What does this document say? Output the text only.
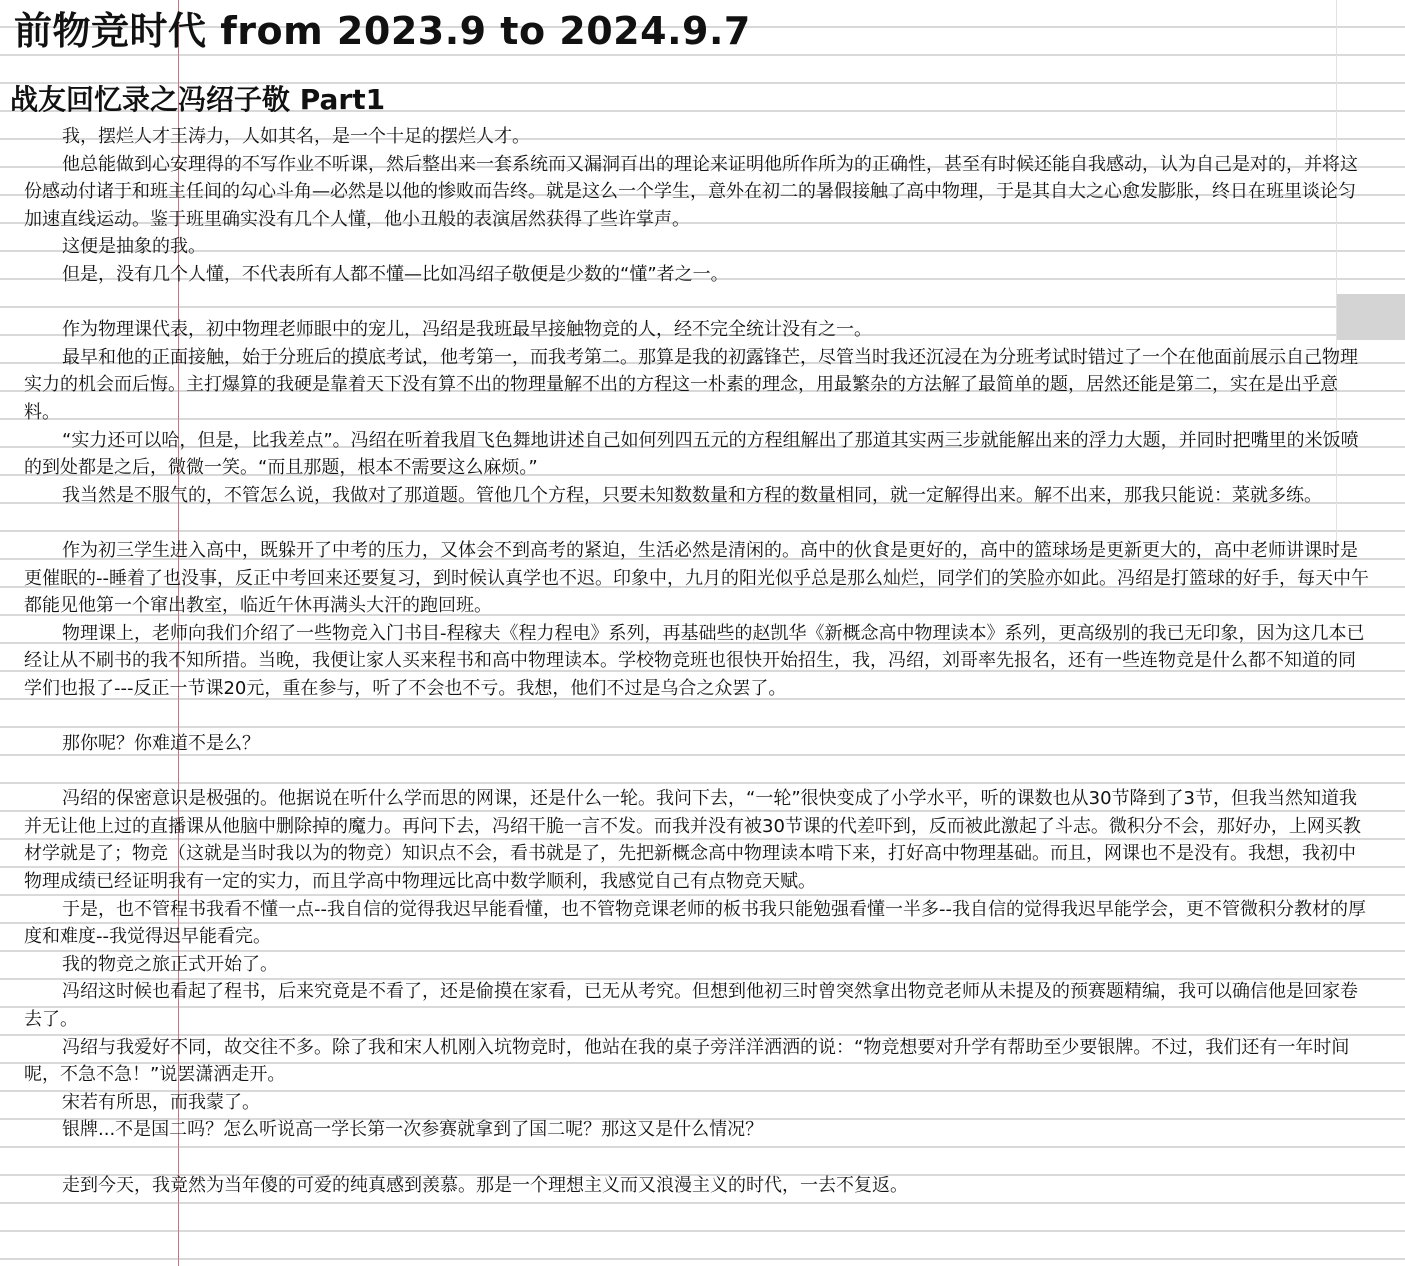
前物竞时代 from 2023.9 to 2024.9.7
战友回忆录之冯绍子敬 Part1

我，摆烂人才王涛力，人如其名，是一个十足的摆烂人才。

他总能做到心安理得的不写作业不听课，然后整出来一套系统而又漏洞百出的理论来证明他所作所为的正确性，甚至有时候还能自我感动，认为自己是对的，并将这份感动付诸于和班主任间的勾心斗角—必然是以他的惨败而告终。就是这么一个学生，意外在初二的暑假接触了高中物理，于是其自大之心愈发膨胀，终日在班里谈论匀加速直线运动。鉴于班里确实没有几个人懂，他小丑般的表演居然获得了些许掌声。

这便是抽象的我。

但是，没有几个人懂，不代表所有人都不懂—比如冯绍子敬便是少数的“懂”者之一。

作为物理课代表，初中物理老师眼中的宠儿，冯绍是我班最早接触物竞的人，经不完全统计没有之一。

最早和他的正面接触，始于分班后的摸底考试，他考第一，而我考第二。那算是我的初露锋芒，尽管当时我还沉浸在为分班考试时错过了一个在他面前展示自己物理实力的机会而后悔。主打爆算的我硬是靠着天下没有算不出的物理量解不出的方程这一朴素的理念，用最繁杂的方法解了最简单的题，居然还能是第二，实在是出乎意料。

“实力还可以哈，但是，比我差点”。冯绍在听着我眉飞色舞地讲述自己如何列四五元的方程组解出了那道其实两三步就能解出来的浮力大题，并同时把嘴里的米饭喷的到处都是之后，微微一笑。“而且那题，根本不需要这么麻烦。”

我当然是不服气的，不管怎么说，我做对了那道题。管他几个方程，只要未知数数量和方程的数量相同，就一定解得出来。解不出来，那我只能说：菜就多练。

作为初三学生进入高中，既躲开了中考的压力，又体会不到高考的紧迫，生活必然是清闲的。高中的伙食是更好的，高中的篮球场是更新更大的，高中老师讲课时是更催眠的--睡着了也没事，反正中考回来还要复习，到时候认真学也不迟。印象中，九月的阳光似乎总是那么灿烂，同学们的笑脸亦如此。冯绍是打篮球的好手，每天中午都能见他第一个窜出教室，临近午休再满头大汗的跑回班。

物理课上，老师向我们介绍了一些物竞入门书目-程稼夫《程力程电》系列，再基础些的赵凯华《新概念高中物理读本》系列，更高级别的我已无印象，因为这几本已经让从不刷书的我不知所措。当晚，我便让家人买来程书和高中物理读本。学校物竞班也很快开始招生，我，冯绍，刘哥率先报名，还有一些连物竞是什么都不知道的同学们也报了---反正一节课20元，重在参与，听了不会也不亏。我想，他们不过是乌合之众罢了。

那你呢？你难道不是么？

冯绍的保密意识是极强的。他据说在听什么学而思的网课，还是什么一轮。我问下去，“一轮”很快变成了小学水平，听的课数也从30节降到了3节，但我当然知道我并无让他上过的直播课从他脑中删除掉的魔力。再问下去，冯绍干脆一言不发。而我并没有被30节课的代差吓到，反而被此激起了斗志。微积分不会，那好办，上网买教材学就是了；物竞（这就是当时我以为的物竞）知识点不会，看书就是了，先把新概念高中物理读本啃下来，打好高中物理基础。而且，网课也不是没有。我想，我初中物理成绩已经证明我有一定的实力，而且学高中物理远比高中数学顺利，我感觉自己有点物竞天赋。

于是，也不管程书我看不懂一点--我自信的觉得我迟早能看懂，也不管物竞课老师的板书我只能勉强看懂一半多--我自信的觉得我迟早能学会，更不管微积分教材的厚度和难度--我觉得迟早能看完。

我的物竞之旅正式开始了。

冯绍这时候也看起了程书，后来究竟是不看了，还是偷摸在家看，已无从考究。但想到他初三时曾突然拿出物竞老师从未提及的预赛题精编，我可以确信他是回家卷去了。

冯绍与我爱好不同，故交往不多。除了我和宋人机刚入坑物竞时，他站在我的桌子旁洋洋洒洒的说：“物竞想要对升学有帮助至少要银牌。不过，我们还有一年时间呢，不急不急！”说罢潇洒走开。

宋若有所思，而我蒙了。

银牌...不是国二吗？怎么听说高一学长第一次参赛就拿到了国二呢？那这又是什么情况？

走到今天，我竟然为当年傻的可爱的纯真感到羡慕。那是一个理想主义而又浪漫主义的时代，一去不复返。
